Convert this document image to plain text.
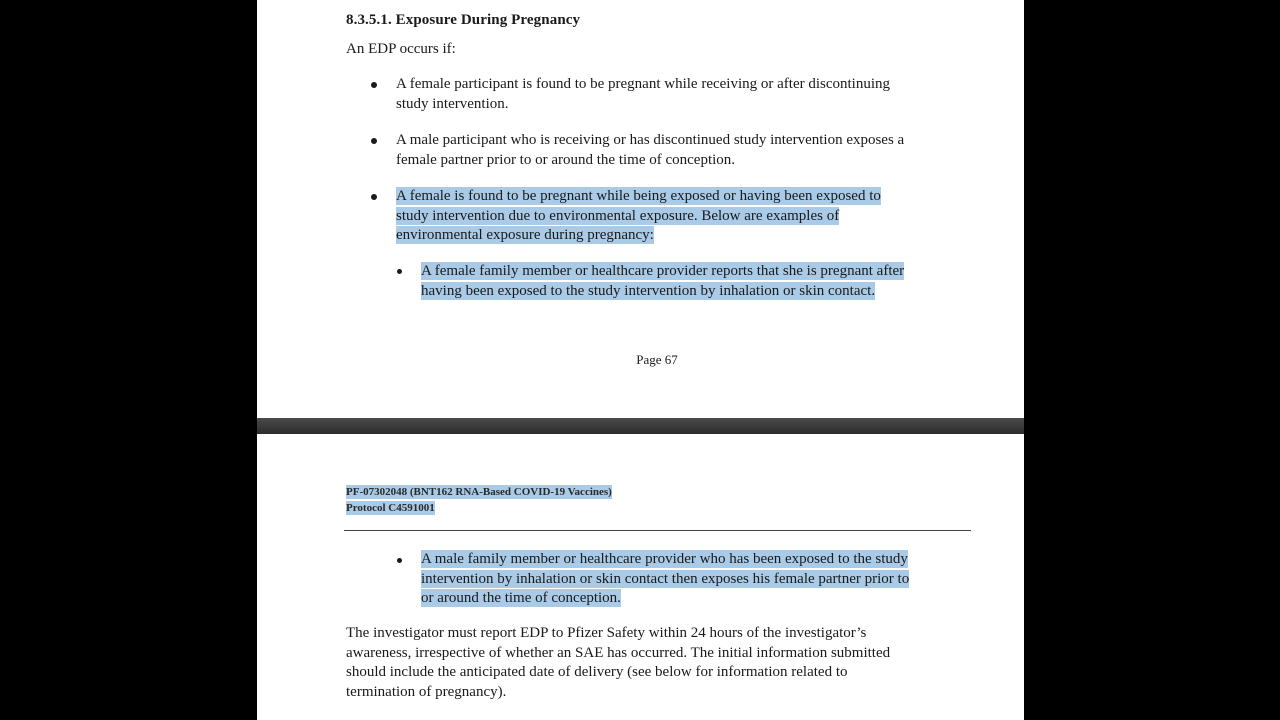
8.3.5.1. Exposure During Pregnancy
An EDP occurs if:
A female participant is found to be pregnant while receiving or after discontinuing
study intervention.
A male participant who is receiving or has discontinued study intervention exposes a
female partner prior to or around the time of conception.
A female is found to be pregnant while being exposed or having been exposed to
study intervention due to environmental exposure. Below are examples of
environmental exposure during pregnancy:
A female family member or healthcare provider reports that she is pregnant after
having been exposed to the study intervention by inhalation or skin contact.
Page 67
PF-07302048 (BNT162 RNA-Based COVID-19 Vaccines)
Protocol C4591001
A male family member or healthcare provider who has been exposed to the study
intervention by inhalation or skin contact then exposes his female partner prior to
or around the time of conception.
The investigator must report EDP to Pfizer Safety within 24 hours of the investigator’s
awareness, irrespective of whether an SAE has occurred. The initial information submitted
should include the anticipated date of delivery (see below for information related to
termination of pregnancy).
